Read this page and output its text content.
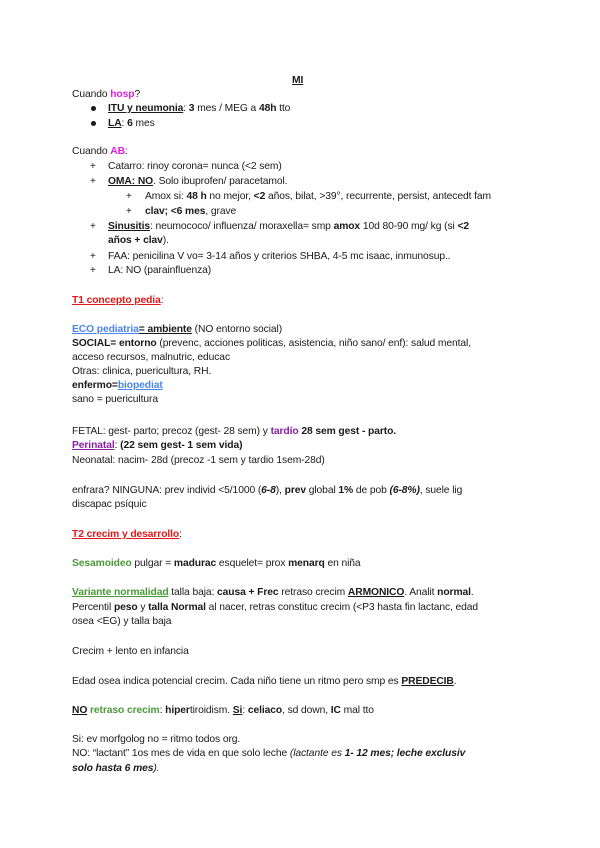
MI
Cuando hosp?
ITU y neumonia: 3 mes / MEG a 48h tto
LA: 6 mes
Cuando AB:
+ Catarro: rinoy corona= nunca (<2 sem)
+ OMA: NO. Solo ibuprofen/ paracetamol.
+ Amox si: 48 h no mejor, <2 años, bilat, >39°, recurrente, persist, antecedt fam
+ clav; <6 mes, grave
+ Sinusitis: neumococo/ influenza/ moraxella= smp amox 10d 80-90 mg/ kg (si <2
años + clav).
+ FAA: penicilina V vo= 3-14 años y criterios SHBA, 4-5 mc isaac, inmunosup..
+ LA: NO (parainfluenza)
T1 concepto pedia:
ECO pediatria= ambiente (NO entorno social)
SOCIAL= entorno (prevenc, acciones politicas, asistencia, niño sano/ enf): salud mental,
acceso recursos, malnutric, educac
Otras: clinica, puericultura, RH.
enfermo=biopediat
sano = puericultura
FETAL: gest- parto; precoz (gest- 28 sem) y tardío 28 sem gest - parto.
Perinatal: (22 sem gest- 1 sem vida)
Neonatal: nacim- 28d (precoz -1 sem y tardio 1sem-28d)
enfrara? NINGUNA: prev individ <5/1000 (6-8), prev global 1% de pob (6-8%), suele lig
discapac psíquic
T2 crecim y desarrollo:
Sesamoideo pulgar = madurac esquelet= prox menarq en niña
Variante normalidad talla baja: causa + Frec retraso crecim ARMONICO. Analit normal.
Percentil peso y talla Normal al nacer, retras constituc crecim (<P3 hasta fin lactanc, edad
osea <EG) y talla baja
Crecim + lento en infancia
Edad osea indica potencial crecim. Cada niño tiene un ritmo pero smp es PREDECIB.
NO retraso crecim: hipertiroidism. Si: celiaco, sd down, IC mal tto
Si: ev morfgolog no = ritmo todos org.
NO: “lactant” 1os mes de vida en que solo leche (lactante es 1- 12 mes; leche exclusiv
solo hasta 6 mes).
